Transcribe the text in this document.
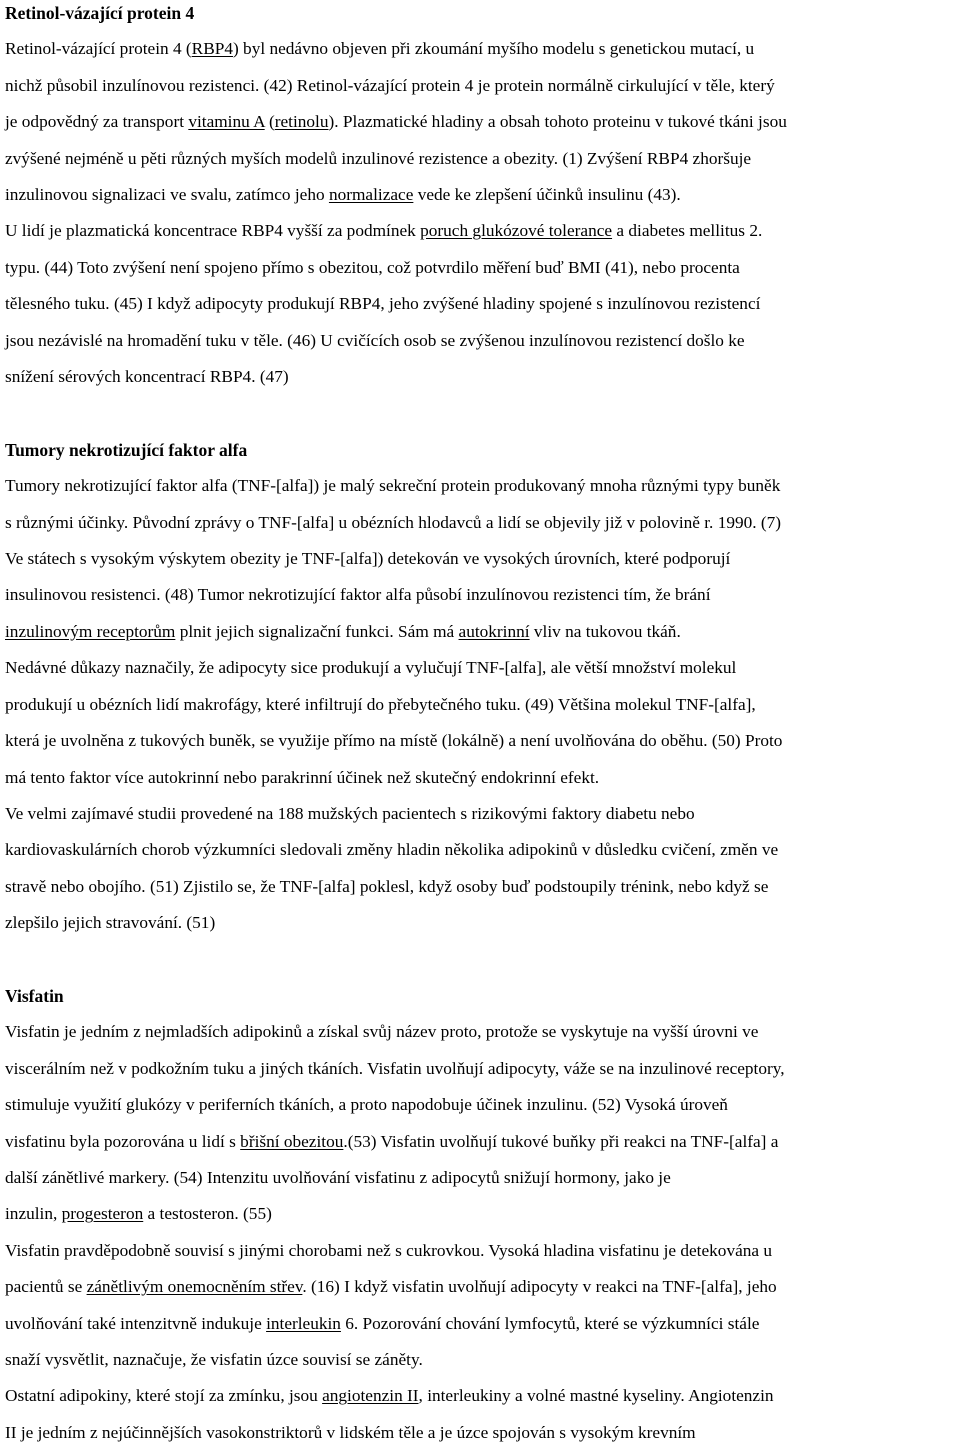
Retinol-vázající protein 4
Retinol-vázající protein 4 (RBP4) byl nedávno objeven při zkoumání myšího modelu s genetickou mutací, u
nichž působil inzulínovou rezistenci. (42) Retinol-vázající protein 4 je protein normálně cirkulující v těle, který
je odpovědný za transport vitaminu A (retinolu). Plazmatické hladiny a obsah tohoto proteinu v tukové tkáni jsou
zvýšené nejméně u pěti různých myších modelů inzulinové rezistence a obezity. (1) Zvýšení RBP4 zhoršuje
inzulinovou signalizaci ve svalu, zatímco jeho normalizace vede ke zlepšení účinků insulinu (43).
U lidí je plazmatická koncentrace RBP4 vyšší za podmínek poruch glukózové tolerance a diabetes mellitus 2.
typu. (44) Toto zvýšení není spojeno přímo s obezitou, což potvrdilo měření buď BMI (41), nebo procenta
tělesného tuku. (45) I když adipocyty produkují RBP4, jeho zvýšené hladiny spojené s inzulínovou rezistencí
jsou nezávislé na hromadění tuku v těle. (46) U cvičících osob se zvýšenou inzulínovou rezistencí došlo ke
snížení sérových koncentrací RBP4. (47)
Tumory nekrotizující faktor alfa
Tumory nekrotizující faktor alfa (TNF-[alfa]) je malý sekreční protein produkovaný mnoha různými typy buněk
s různými účinky. Původní zprávy o TNF-[alfa] u obézních hlodavců a lidí se objevily již v polovině r. 1990. (7)
Ve státech s vysokým výskytem obezity je TNF-[alfa]) detekován ve vysokých úrovních, které podporují
insulinovou resistenci. (48) Tumor nekrotizující faktor alfa působí inzulínovou rezistenci tím, že brání
inzulinovým receptorům plnit jejich signalizační funkci. Sám má autokrinní vliv na tukovou tkáň.
Nedávné důkazy naznačily, že adipocyty sice produkují a vylučují TNF-[alfa], ale větší množství molekul
produkují u obézních lidí makrofágy, které infiltrují do přebytečného tuku. (49) Většina molekul TNF-[alfa],
která je uvolněna z tukových buněk, se využije přímo na místě (lokálně) a není uvolňována do oběhu. (50) Proto
má tento faktor více autokrinní nebo parakrinní účinek než skutečný endokrinní efekt.
Ve velmi zajímavé studii provedené na 188 mužských pacientech s rizikovými faktory diabetu nebo
kardiovaskulárních chorob výzkumníci sledovali změny hladin několika adipokinů v důsledku cvičení, změn ve
stravě nebo obojího. (51) Zjistilo se, že TNF-[alfa] poklesl, když osoby buď podstoupily trénink, nebo když se
zlepšilo jejich stravování. (51)
Visfatin
Visfatin je jedním z nejmladších adipokinů a získal svůj název proto, protože se vyskytuje na vyšší úrovni ve
viscerálním než v podkožním tuku a jiných tkáních. Visfatin uvolňují adipocyty, váže se na inzulinové receptory,
stimuluje využití glukózy v periferních tkáních, a proto napodobuje účinek inzulinu. (52) Vysoká úroveň
visfatinu byla pozorována u lidí s břišní obezitou.(53) Visfatin uvolňují tukové buňky při reakci na TNF-[alfa] a
další zánětlivé markery. (54) Intenzitu uvolňování visfatinu z adipocytů snižují hormony, jako je
inzulin, progesteron a testosteron. (55)
Visfatin pravděpodobně souvisí s jinými chorobami než s cukrovkou. Vysoká hladina visfatinu je detekována u
pacientů se zánětlivým onemocněním střev. (16) I když visfatin uvolňují adipocyty v reakci na TNF-[alfa], jeho
uvolňování také intenzitvně indukuje interleukin 6. Pozorování chování lymfocytů, které se výzkumníci stále
snaží vysvětlit, naznačuje, že visfatin úzce souvisí se záněty.
Ostatní adipokiny, které stojí za zmínku, jsou angiotenzin II, interleukiny a volné mastné kyseliny. Angiotenzin
II je jedním z nejúčinnějších vasokonstriktorů v lidském těle a je úzce spojován s vysokým krevním
